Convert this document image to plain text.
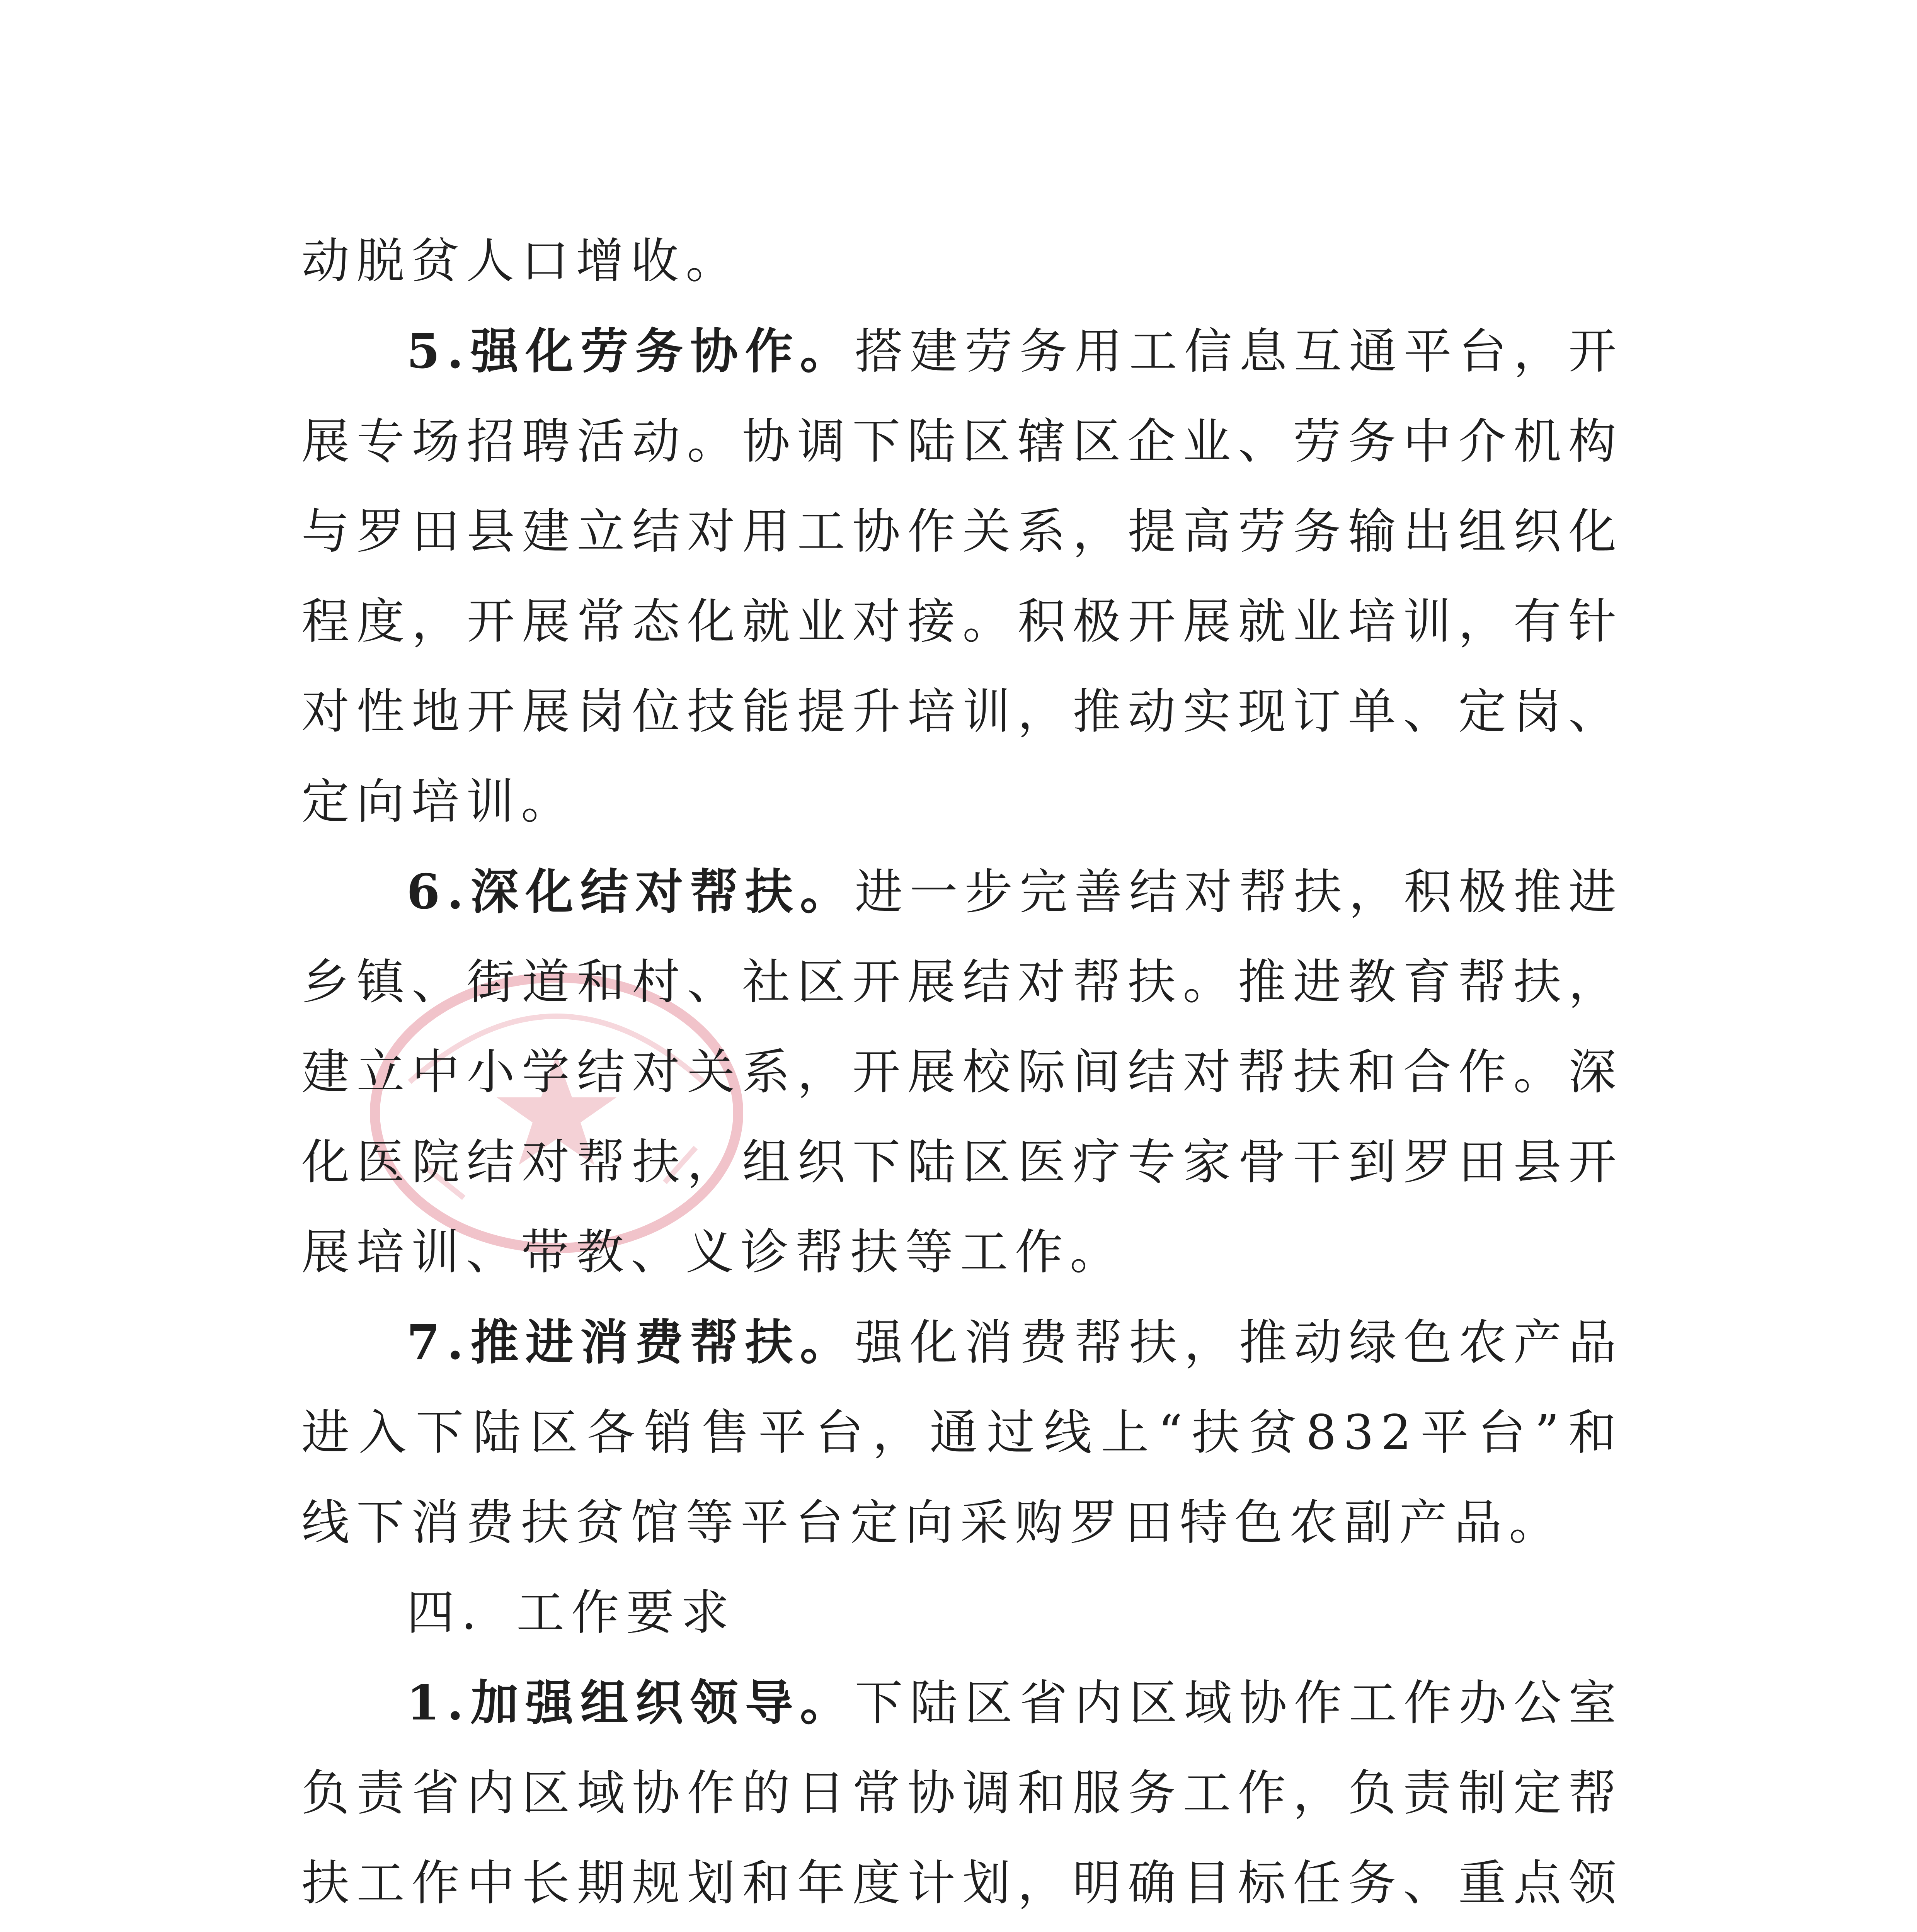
动脱贫人口增收。

5.强化劳务协作。搭建劳务用工信息互通平台，开展专场招聘活动。协调下陆区辖区企业、劳务中介机构与罗田县建立结对用工协作关系，提高劳务输出组织化程度，开展常态化就业对接。积极开展就业培训，有针对性地开展岗位技能提升培训，推动实现订单、定岗、定向培训。

6.深化结对帮扶。进一步完善结对帮扶，积极推进乡镇、街道和村、社区开展结对帮扶。推进教育帮扶，建立中小学结对关系，开展校际间结对帮扶和合作。深化医院结对帮扶，组织下陆区医疗专家骨干到罗田县开展培训、带教、义诊帮扶等工作。

7.推进消费帮扶。强化消费帮扶，推动绿色农产品进入下陆区各销售平台，通过线上“扶贫832平台”和线下消费扶贫馆等平台定向采购罗田特色农副产品。

四．工作要求

1.加强组织领导。下陆区省内区域协作工作办公室负责省内区域协作的日常协调和服务工作，负责制定帮扶工作中长期规划和年度计划，明确目标任务、重点领
